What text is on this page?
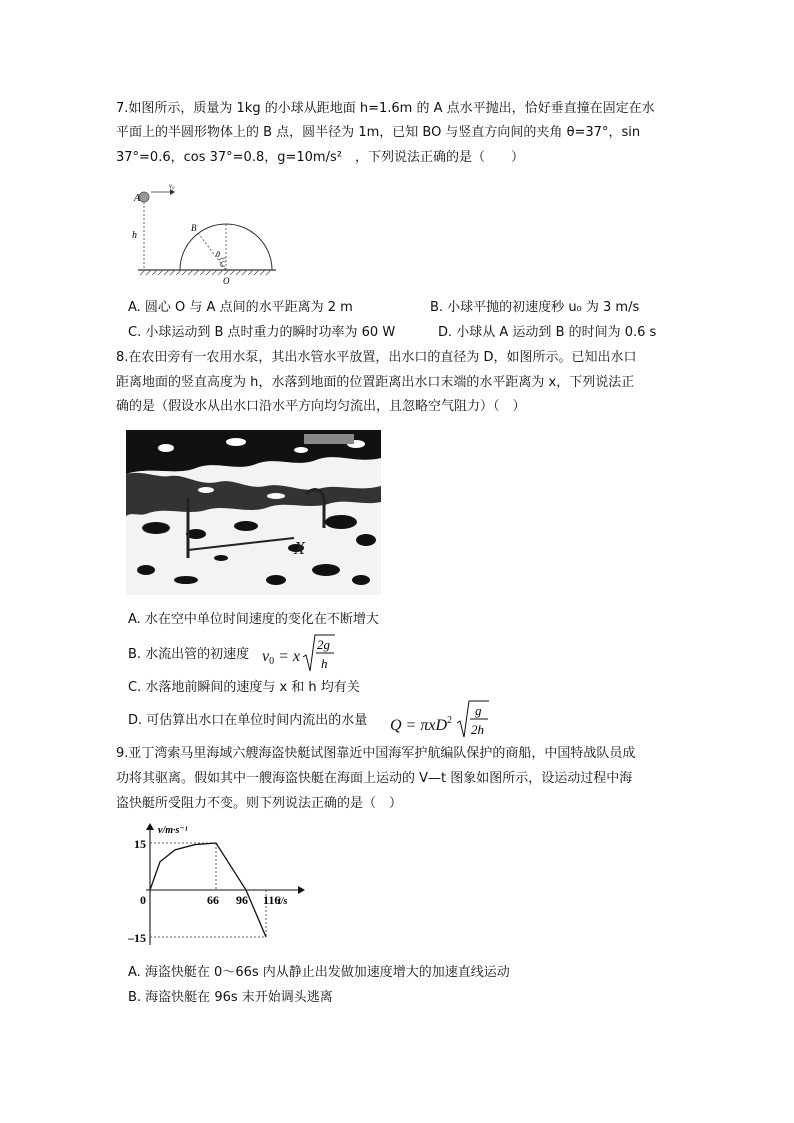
7.如图所示，质量为 1kg 的小球从距地面 h=1.6m 的 A 点水平抛出，恰好垂直撞在固定在水
平面上的半圆形物体上的 B 点，圆半径为 1m，已知 BO 与竖直方向间的夹角 θ=37°，sin
37°=0.6，cos 37°=0.8，g=10m/s²　，下列说法正确的是（　　）
A
v₀
h
B
θ
C
O
A. 圆心 O 与 A 点间的水平距离为 2 m	B. 小球平抛的初速度秒 u₀ 为 3 m/s
C. 小球运动到 B 点时重力的瞬时功率为 60 W	D. 小球从 A 运动到 B 的时间为 0.6 s
8.在农田旁有一农用水泵，其出水管水平放置，出水口的直径为 D，如图所示。已知出水口
距离地面的竖直高度为 h，水落到地面的位置距离出水口末端的水平距离为 x，下列说法正
确的是（假设水从出水口沿水平方向均匀流出，且忽略空气阻力）（　）
X
A. 水在空中单位时间速度的变化在不断增大
B. 水流出管的初速度 v0 = x
2g
h
C. 水落地前瞬间的速度与 x 和 h 均有关
D. 可估算出水口在单位时间内流出的水量 Q = πxD$^2$
g
2h
9.亚丁湾索马里海域六艘海盗快艇试图靠近中国海军护航编队保护的商船，中国特战队员成
功将其驱离。假如其中一艘海盗快艇在海面上运动的 V—t 图象如图所示，设运动过程中海
盗快艇所受阻力不变。则下列说法正确的是（　）
v/m·s⁻¹
t/s
0	66 96 116
15
–15
A. 海盗快艇在 0～66s 内从静止出发做加速度增大的加速直线运动
B. 海盗快艇在 96s 末开始调头逃离
